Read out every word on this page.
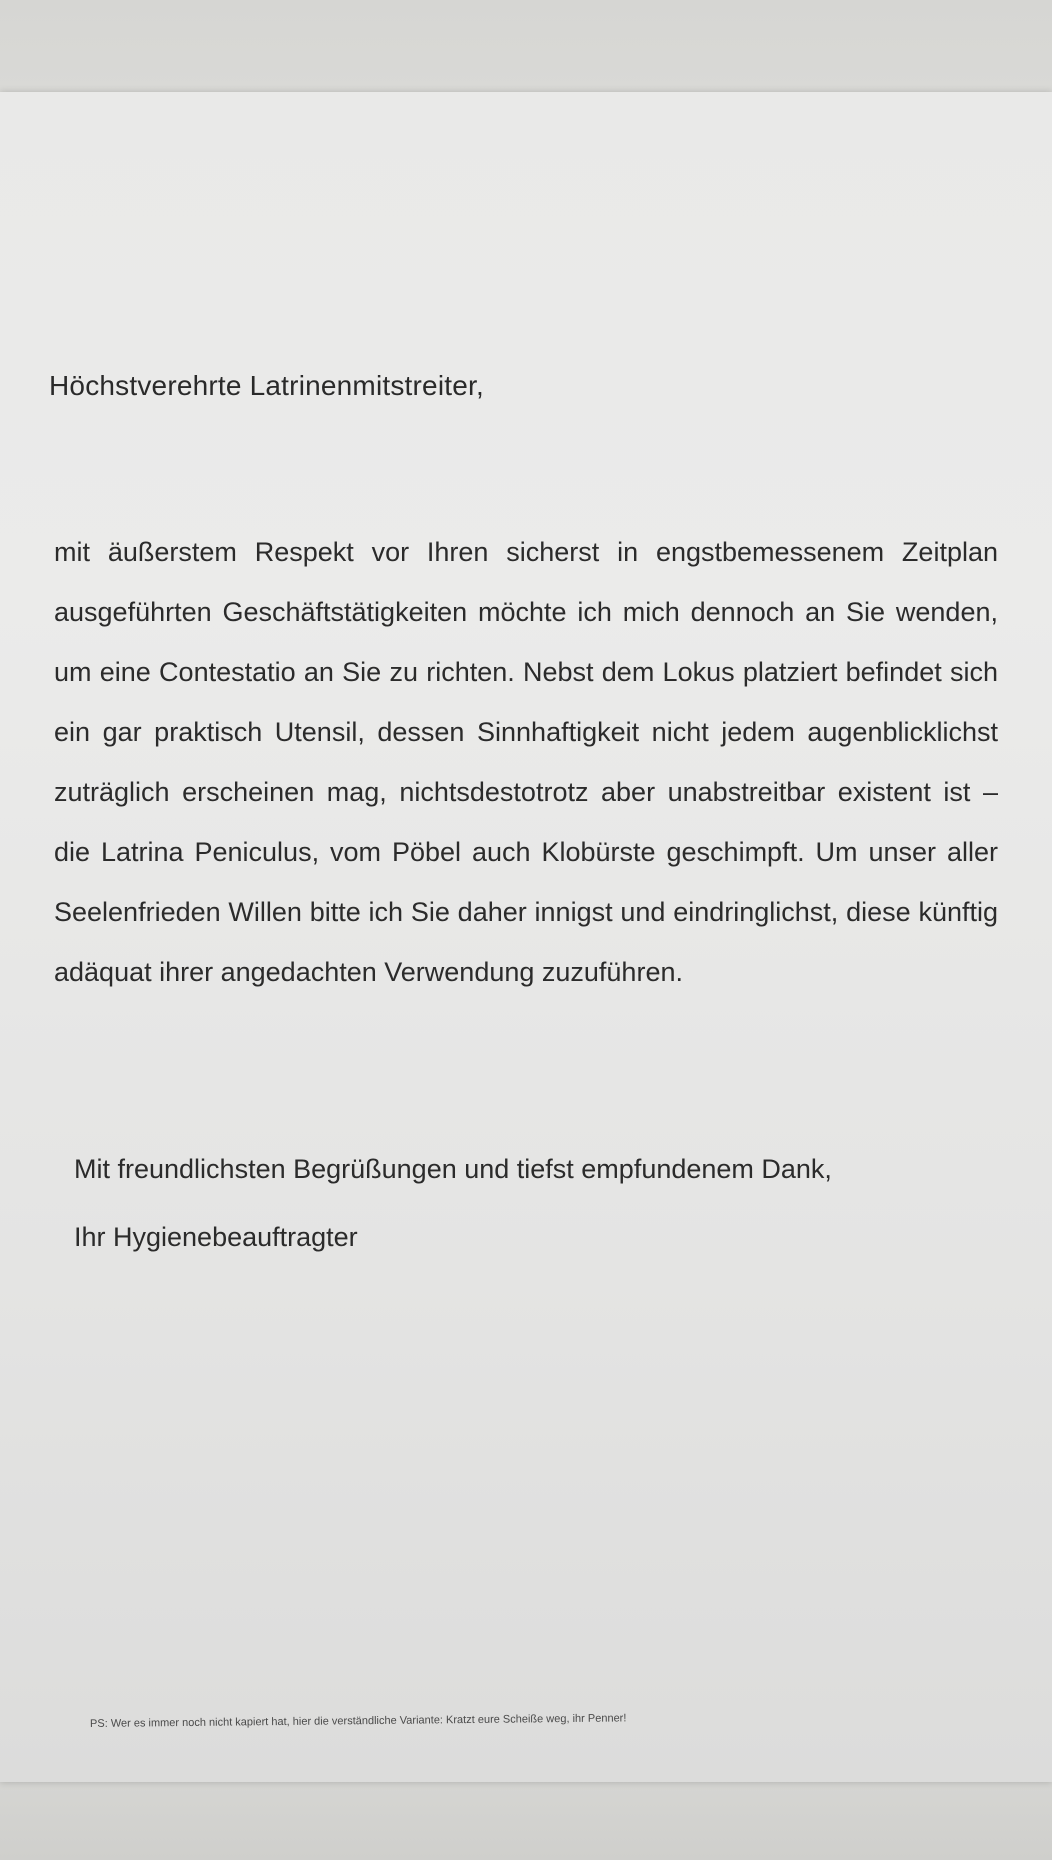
Höchstverehrte Latrinenmitstreiter,

mit äußerstem Respekt vor Ihren sicherst in engstbemessenem Zeitplan ausgeführten Geschäftstätigkeiten möchte ich mich dennoch an Sie wenden, um eine Contestatio an Sie zu richten. Nebst dem Lokus platziert befindet sich ein gar praktisch Utensil, dessen Sinnhaftigkeit nicht jedem augenblicklichst zuträglich erscheinen mag, nichtsdestotrotz aber unabstreitbar existent ist – die Latrina Peniculus, vom Pöbel auch Klobürste geschimpft. Um unser aller Seelenfrieden Willen bitte ich Sie daher innigst und eindringlichst, diese künftig adäquat ihrer angedachten Verwendung zuzuführen.

Mit freundlichsten Begrüßungen und tiefst empfundenem Dank,
Ihr Hygienebeauftragter
PS: Wer es immer noch nicht kapiert hat, hier die verständliche Variante: Kratzt eure Scheiße weg, ihr Penner!
